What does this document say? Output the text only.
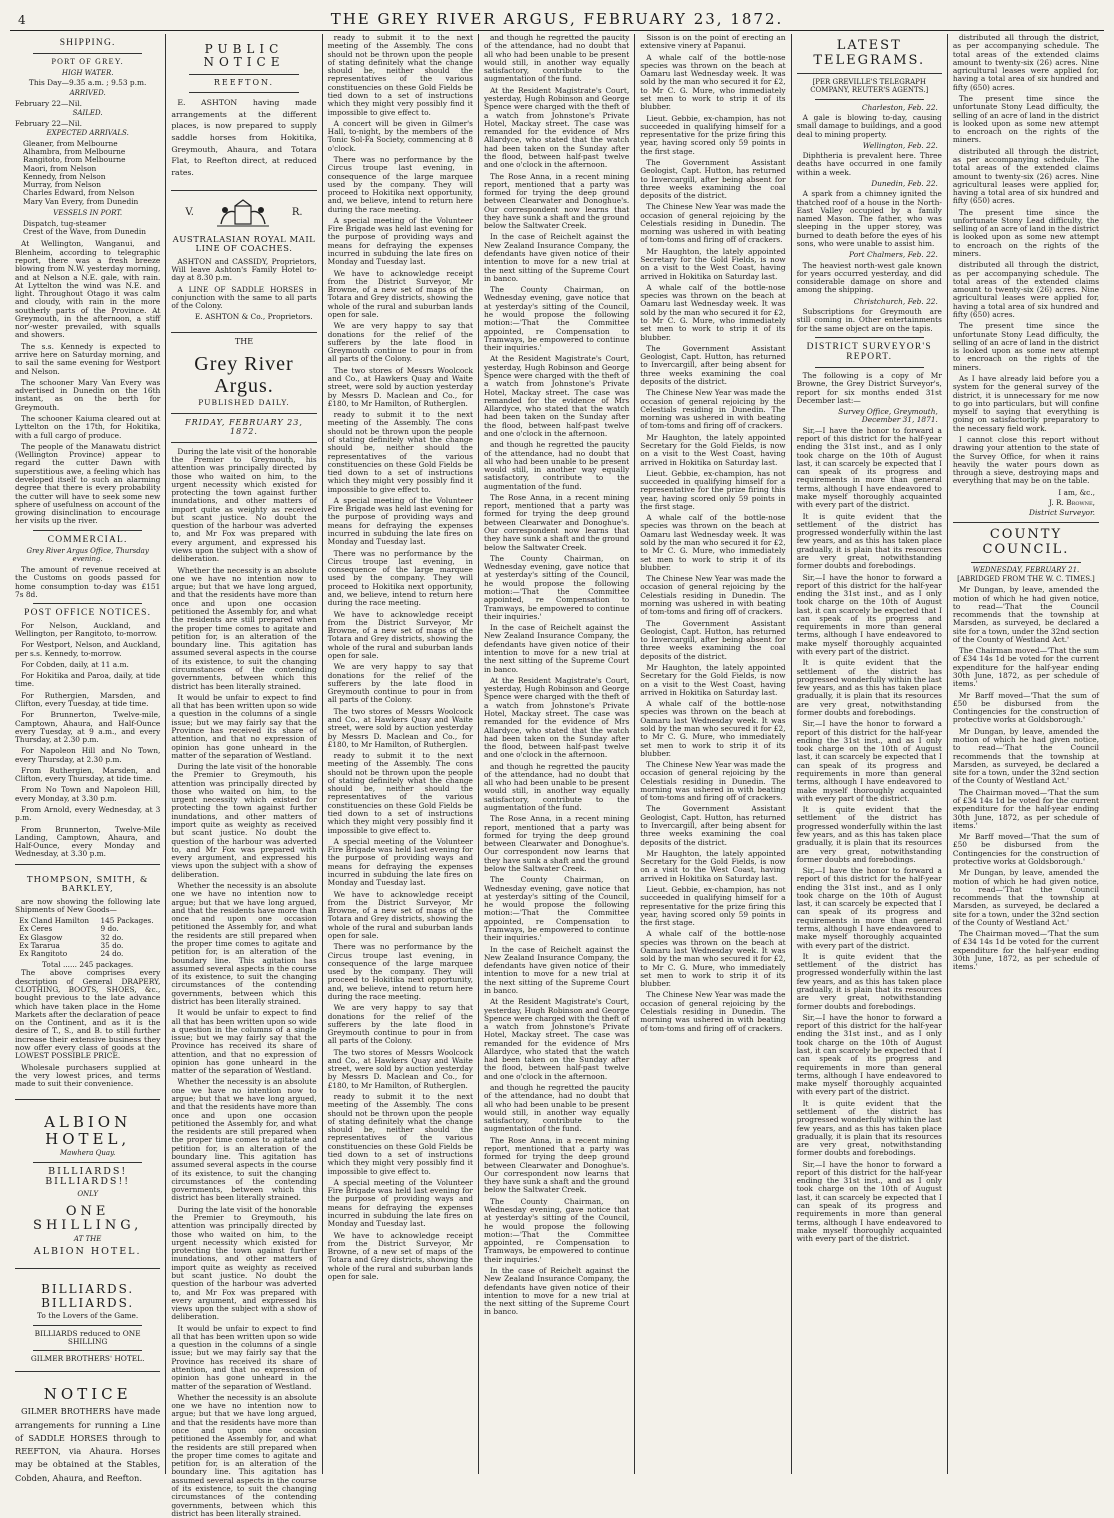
4	THE GREY RIVER ARGUS, FEBRUARY 23, 1872.
SHIPPING.
PORT OF GREY.
HIGH WATER.
This Day—9.35 a.m. ; 9.53 p.m.
ARRIVED.
February 22—Nil.
SAILED.
February 22—Nil.
EXPECTED ARRIVALS.
Gleaner, from Melbourne
Alhambra, from Melbourne
Rangitoto, from Melbourne
Maori, from Nelson
Kennedy, from Nelson
Murray, from Nelson
Charles Edward, from Nelson
Mary Van Every, from Dunedin
VESSELS IN PORT.
Dispatch, tug-steamer
Crest of the Wave, from Dunedin

At Wellington, Wanganui, and Blenheim, according to telegraphic report, there was a fresh breeze blowing from N.W. yesterday morning, and at Nelson a N.E. gale, with rain. At Lyttelton the wind was N.E. and light. Throughout Otago it was calm and cloudy, with rain in the more southerly parts of the Province. At Greymouth, in the afternoon, a stiff nor'-wester prevailed, with squalls and showers.

The s.s. Kennedy is expected to arrive here on Saturday morning, and to sail the same evening for Westport and Nelson.

The schooner Mary Van Every was advertised in Dunedin on the 16th instant, as on the berth for Greymouth.

The schooner Kaiuma cleared out at Lyttelton on the 17th, for Hokitika, with a full cargo of produce.

The people of the Manawatu district (Wellington Province) appear to regard the cutter Dawn with superstitious awe, a feeling which has developed itself to such an alarming degree that there is every probability the cutter will have to seek some new sphere of usefulness on account of the growing disinclination to encourage her visits up the river.

COMMERCIAL.
Grey River Argus Office, Thursday evening.

The amount of revenue received at the Customs on goods passed for home consumption to-day was £151 7s 8d.

POST OFFICE NOTICES.

For Nelson, Auckland, and Wellington, per Rangitoto, to-morrow.

For Westport, Nelson, and Auckland, per s.s. Kennedy, to-morrow.

For Cobden, daily, at 11 a.m.

For Hokitika and Paroa, daily, at tide time.

For Ruthergien, Marsden, and Clifton, every Tuesday, at tide time.

For Brunnerton, Twelve-mile, Camptown, Ahaura, and Half-Ounce every Tuesday, at 9 a.m., and every Thursday, at 2.30 p.m.

For Napoleon Hill and No Town, every Thursday, at 2.30 p.m.

From Ruthergien, Marsden, and Clifton, every Thursday, at tide time.

From No Town and Napoleon Hill, every Monday, at 3.30 p.m.

From Arnold, every Wednesday, at 3 p.m.

From Brunnerton, Twelve-Mile Landing, Camptown, Ahaura, and Half-Ounce, every Monday and Wednesday, at 3.30 p.m.

THOMPSON, SMITH, & BARKLEY,

are now showing the following late Shipments of New Goods—

Ex Cland Hamilton	145 Packages.
Ex Ceres	9 do.
Ex Glasgow	32 do.
Ex Tararua	35 do.
Ex Rangitoto	24 do.
Total ...... 245 packages.

The above comprises every description of General DRAPERY, CLOTHING, BOOTS, SHOES, &c., bought previous to the late advance which have taken place in the Home Markets after the declaration of peace on the Continent, and as it is the desire of T., S., and B. to still further increase their extensive business they now offer every class of goods at the LOWEST POSSIBLE PRICE.

Wholesale purchasers supplied at the very lowest prices, and terms made to suit their convenience.

ALBION HOTEL,
Mawhera Quay.
BILLIARDS! BILLIARDS!!
ONLY
ONE SHILLING,
AT THE
ALBION HOTEL.
BILLIARDS. BILLIARDS.
To the Lovers of the Game.
BILLIARDS reduced to ONE SHILLING
GILMER BROTHERS' HOTEL.
NOTICE

GILMER BROTHERS have made arrangements for running a Line of SADDLE HORSES through to REEFTON, via Ahaura. Horses may be obtained at the Stables, Cobden, Ahaura, and Reefton.

PUBLIC NOTICE
REEFTON.

E. ASHTON having made arrangements at the different places, is now prepared to supply saddle horses from Hokitika, Greymouth, Ahaura, and Totara Flat, to Reefton direct, at reduced rates.

V.	R.
AUSTRALASIAN ROYAL MAIL LINE OF COACHES.

ASHTON and CASSIDY, Proprietors, Will leave Ashton's Family Hotel to-day at 8.30 p.m.

A LINE OF SADDLE HORSES in conjunction with the same to all parts of the Colony.

E. ASHTON & Co., Proprietors.
THE
Grey River Argus.
PUBLISHED DAILY.
FRIDAY, FEBRUARY 23, 1872.

During the late visit of the honorable the Premier to Greymouth, his attention was principally directed by those who waited on him, to the urgent necessity which existed for protecting the town against further inundations, and other matters of import quite as weighty as received but scant justice. No doubt the question of the harbour was adverted to, and Mr Fox was prepared with every argument, and expressed his views upon the subject with a show of deliberation.

Whether the necessity is an absolute one we have no intention now to argue; but that we have long argued, and that the residents have more than once and upon one occasion petitioned the Assembly for, and what the residents are still prepared when the proper time comes to agitate and petition for, is an alteration of the boundary line. This agitation has assumed several aspects in the course of its existence, to suit the changing circumstances of the contending governments, between which this district has been literally strained.

It would be unfair to expect to find all that has been written upon so wide a question in the columns of a single issue; but we may fairly say that the Province has received its share of attention, and that no expression of opinion has gone unheard in the matter of the separation of Westland.

During the late visit of the honorable the Premier to Greymouth, his attention was principally directed by those who waited on him, to the urgent necessity which existed for protecting the town against further inundations, and other matters of import quite as weighty as received but scant justice. No doubt the question of the harbour was adverted to, and Mr Fox was prepared with every argument, and expressed his views upon the subject with a show of deliberation.

Whether the necessity is an absolute one we have no intention now to argue; but that we have long argued, and that the residents have more than once and upon one occasion petitioned the Assembly for, and what the residents are still prepared when the proper time comes to agitate and petition for, is an alteration of the boundary line. This agitation has assumed several aspects in the course of its existence, to suit the changing circumstances of the contending governments, between which this district has been literally strained.

It would be unfair to expect to find all that has been written upon so wide a question in the columns of a single issue; but we may fairly say that the Province has received its share of attention, and that no expression of opinion has gone unheard in the matter of the separation of Westland.

Whether the necessity is an absolute one we have no intention now to argue; but that we have long argued, and that the residents have more than once and upon one occasion petitioned the Assembly for, and what the residents are still prepared when the proper time comes to agitate and petition for, is an alteration of the boundary line. This agitation has assumed several aspects in the course of its existence, to suit the changing circumstances of the contending governments, between which this district has been literally strained.

During the late visit of the honorable the Premier to Greymouth, his attention was principally directed by those who waited on him, to the urgent necessity which existed for protecting the town against further inundations, and other matters of import quite as weighty as received but scant justice. No doubt the question of the harbour was adverted to, and Mr Fox was prepared with every argument, and expressed his views upon the subject with a show of deliberation.

It would be unfair to expect to find all that has been written upon so wide a question in the columns of a single issue; but we may fairly say that the Province has received its share of attention, and that no expression of opinion has gone unheard in the matter of the separation of Westland.

Whether the necessity is an absolute one we have no intention now to argue; but that we have long argued, and that the residents have more than once and upon one occasion petitioned the Assembly for, and what the residents are still prepared when the proper time comes to agitate and petition for, is an alteration of the boundary line. This agitation has assumed several aspects in the course of its existence, to suit the changing circumstances of the contending governments, between which this district has been literally strained.

ready to submit it to the next meeting of the Assembly. The cons should not be thrown upon the people of stating definitely what the change should be, neither should the representatives of the various constituencies on these Gold Fields be tied down to a set of instructions which they might very possibly find it impossible to give effect to.

A concert will be given in Gilmer's Hall, to-night, by the members of the Tonic Sol-Fa Society, commencing at 8 o'clock.

There was no performance by the Circus troupe last evening, in consequence of the large marquee used by the company. They will proceed to Hokitika next opportunity, and, we believe, intend to return here during the race meeting.

A special meeting of the Volunteer Fire Brigade was held last evening for the purpose of providing ways and means for defraying the expenses incurred in subduing the late fires on Monday and Tuesday last.

We have to acknowledge receipt from the District Surveyor, Mr Browne, of a new set of maps of the Totara and Grey districts, showing the whole of the rural and suburban lands open for sale.

We are very happy to say that donations for the relief of the sufferers by the late flood in Greymouth continue to pour in from all parts of the Colony.

The two stores of Messrs Woolcock and Co., at Hawkers Quay and Waite street, were sold by auction yesterday by Messrs D. Maclean and Co., for £180, to Mr Hamilton, of Rutherglen.

ready to submit it to the next meeting of the Assembly. The cons should not be thrown upon the people of stating definitely what the change should be, neither should the representatives of the various constituencies on these Gold Fields be tied down to a set of instructions which they might very possibly find it impossible to give effect to.

A special meeting of the Volunteer Fire Brigade was held last evening for the purpose of providing ways and means for defraying the expenses incurred in subduing the late fires on Monday and Tuesday last.

There was no performance by the Circus troupe last evening, in consequence of the large marquee used by the company. They will proceed to Hokitika next opportunity, and, we believe, intend to return here during the race meeting.

We have to acknowledge receipt from the District Surveyor, Mr Browne, of a new set of maps of the Totara and Grey districts, showing the whole of the rural and suburban lands open for sale.

We are very happy to say that donations for the relief of the sufferers by the late flood in Greymouth continue to pour in from all parts of the Colony.

The two stores of Messrs Woolcock and Co., at Hawkers Quay and Waite street, were sold by auction yesterday by Messrs D. Maclean and Co., for £180, to Mr Hamilton, of Rutherglen.

ready to submit it to the next meeting of the Assembly. The cons should not be thrown upon the people of stating definitely what the change should be, neither should the representatives of the various constituencies on these Gold Fields be tied down to a set of instructions which they might very possibly find it impossible to give effect to.

A special meeting of the Volunteer Fire Brigade was held last evening for the purpose of providing ways and means for defraying the expenses incurred in subduing the late fires on Monday and Tuesday last.

We have to acknowledge receipt from the District Surveyor, Mr Browne, of a new set of maps of the Totara and Grey districts, showing the whole of the rural and suburban lands open for sale.

There was no performance by the Circus troupe last evening, in consequence of the large marquee used by the company. They will proceed to Hokitika next opportunity, and, we believe, intend to return here during the race meeting.

We are very happy to say that donations for the relief of the sufferers by the late flood in Greymouth continue to pour in from all parts of the Colony.

The two stores of Messrs Woolcock and Co., at Hawkers Quay and Waite street, were sold by auction yesterday by Messrs D. Maclean and Co., for £180, to Mr Hamilton, of Rutherglen.

ready to submit it to the next meeting of the Assembly. The cons should not be thrown upon the people of stating definitely what the change should be, neither should the representatives of the various constituencies on these Gold Fields be tied down to a set of instructions which they might very possibly find it impossible to give effect to.

A special meeting of the Volunteer Fire Brigade was held last evening for the purpose of providing ways and means for defraying the expenses incurred in subduing the late fires on Monday and Tuesday last.

We have to acknowledge receipt from the District Surveyor, Mr Browne, of a new set of maps of the Totara and Grey districts, showing the whole of the rural and suburban lands open for sale.

and though he regretted the paucity of the attendance, had no doubt that all who had been unable to be present would still, in another way equally satisfactory, contribute to the augmentation of the fund.

At the Resident Magistrate's Court, yesterday, Hugh Robinson and George Spence were charged with the theft of a watch from Johnstone's Private Hotel, Mackay street. The case was remanded for the evidence of Mrs Allardyce, who stated that the watch had been taken on the Sunday after the flood, between half-past twelve and one o'clock in the afternoon.

The Rose Anna, in a recent mining report, mentioned that a party was formed for trying the deep ground between Clearwater and Donoghue's. Our correspondent now learns that they have sunk a shaft and the ground below the Saltwater Creek.

In the case of Reichelt against the New Zealand Insurance Company, the defendants have given notice of their intention to move for a new trial at the next sitting of the Supreme Court in banco.

The County Chairman, on Wednesday evening, gave notice that at yesterday's sitting of the Council, he would propose the following motion:—'That the Committee appointed, re Compensation to Tramways, be empowered to continue their inquiries.'

At the Resident Magistrate's Court, yesterday, Hugh Robinson and George Spence were charged with the theft of a watch from Johnstone's Private Hotel, Mackay street. The case was remanded for the evidence of Mrs Allardyce, who stated that the watch had been taken on the Sunday after the flood, between half-past twelve and one o'clock in the afternoon.

and though he regretted the paucity of the attendance, had no doubt that all who had been unable to be present would still, in another way equally satisfactory, contribute to the augmentation of the fund.

The Rose Anna, in a recent mining report, mentioned that a party was formed for trying the deep ground between Clearwater and Donoghue's. Our correspondent now learns that they have sunk a shaft and the ground below the Saltwater Creek.

The County Chairman, on Wednesday evening, gave notice that at yesterday's sitting of the Council, he would propose the following motion:—'That the Committee appointed, re Compensation to Tramways, be empowered to continue their inquiries.'

In the case of Reichelt against the New Zealand Insurance Company, the defendants have given notice of their intention to move for a new trial at the next sitting of the Supreme Court in banco.

At the Resident Magistrate's Court, yesterday, Hugh Robinson and George Spence were charged with the theft of a watch from Johnstone's Private Hotel, Mackay street. The case was remanded for the evidence of Mrs Allardyce, who stated that the watch had been taken on the Sunday after the flood, between half-past twelve and one o'clock in the afternoon.

and though he regretted the paucity of the attendance, had no doubt that all who had been unable to be present would still, in another way equally satisfactory, contribute to the augmentation of the fund.

The Rose Anna, in a recent mining report, mentioned that a party was formed for trying the deep ground between Clearwater and Donoghue's. Our correspondent now learns that they have sunk a shaft and the ground below the Saltwater Creek.

The County Chairman, on Wednesday evening, gave notice that at yesterday's sitting of the Council, he would propose the following motion:—'That the Committee appointed, re Compensation to Tramways, be empowered to continue their inquiries.'

In the case of Reichelt against the New Zealand Insurance Company, the defendants have given notice of their intention to move for a new trial at the next sitting of the Supreme Court in banco.

At the Resident Magistrate's Court, yesterday, Hugh Robinson and George Spence were charged with the theft of a watch from Johnstone's Private Hotel, Mackay street. The case was remanded for the evidence of Mrs Allardyce, who stated that the watch had been taken on the Sunday after the flood, between half-past twelve and one o'clock in the afternoon.

and though he regretted the paucity of the attendance, had no doubt that all who had been unable to be present would still, in another way equally satisfactory, contribute to the augmentation of the fund.

The Rose Anna, in a recent mining report, mentioned that a party was formed for trying the deep ground between Clearwater and Donoghue's. Our correspondent now learns that they have sunk a shaft and the ground below the Saltwater Creek.

The County Chairman, on Wednesday evening, gave notice that at yesterday's sitting of the Council, he would propose the following motion:—'That the Committee appointed, re Compensation to Tramways, be empowered to continue their inquiries.'

In the case of Reichelt against the New Zealand Insurance Company, the defendants have given notice of their intention to move for a new trial at the next sitting of the Supreme Court in banco.

Sisson is on the point of erecting an extensive vinery at Papanui.

A whale calf of the bottle-nose species was thrown on the beach at Oamaru last Wednesday week. It was sold by the man who secured it for £2, to Mr C. G. Mure, who immediately set men to work to strip it of its blubber.

Lieut. Gebbie, ex-champion, has not succeeded in qualifying himself for a representative for the prize firing this year, having scored only 59 points in the first stage.

The Government Assistant Geologist, Capt. Hutton, has returned to Invercargill, after being absent for three weeks examining the coal deposits of the district.

The Chinese New Year was made the occasion of general rejoicing by the Celestials residing in Dunedin. The morning was ushered in with beating of tom-toms and firing off of crackers.

Mr Haughton, the lately appointed Secretary for the Gold Fields, is now on a visit to the West Coast, having arrived in Hokitika on Saturday last.

A whale calf of the bottle-nose species was thrown on the beach at Oamaru last Wednesday week. It was sold by the man who secured it for £2, to Mr C. G. Mure, who immediately set men to work to strip it of its blubber.

The Government Assistant Geologist, Capt. Hutton, has returned to Invercargill, after being absent for three weeks examining the coal deposits of the district.

The Chinese New Year was made the occasion of general rejoicing by the Celestials residing in Dunedin. The morning was ushered in with beating of tom-toms and firing off of crackers.

Mr Haughton, the lately appointed Secretary for the Gold Fields, is now on a visit to the West Coast, having arrived in Hokitika on Saturday last.

Lieut. Gebbie, ex-champion, has not succeeded in qualifying himself for a representative for the prize firing this year, having scored only 59 points in the first stage.

A whale calf of the bottle-nose species was thrown on the beach at Oamaru last Wednesday week. It was sold by the man who secured it for £2, to Mr C. G. Mure, who immediately set men to work to strip it of its blubber.

The Chinese New Year was made the occasion of general rejoicing by the Celestials residing in Dunedin. The morning was ushered in with beating of tom-toms and firing off of crackers.

The Government Assistant Geologist, Capt. Hutton, has returned to Invercargill, after being absent for three weeks examining the coal deposits of the district.

Mr Haughton, the lately appointed Secretary for the Gold Fields, is now on a visit to the West Coast, having arrived in Hokitika on Saturday last.

A whale calf of the bottle-nose species was thrown on the beach at Oamaru last Wednesday week. It was sold by the man who secured it for £2, to Mr C. G. Mure, who immediately set men to work to strip it of its blubber.

The Chinese New Year was made the occasion of general rejoicing by the Celestials residing in Dunedin. The morning was ushered in with beating of tom-toms and firing off of crackers.

The Government Assistant Geologist, Capt. Hutton, has returned to Invercargill, after being absent for three weeks examining the coal deposits of the district.

Mr Haughton, the lately appointed Secretary for the Gold Fields, is now on a visit to the West Coast, having arrived in Hokitika on Saturday last.

Lieut. Gebbie, ex-champion, has not succeeded in qualifying himself for a representative for the prize firing this year, having scored only 59 points in the first stage.

A whale calf of the bottle-nose species was thrown on the beach at Oamaru last Wednesday week. It was sold by the man who secured it for £2, to Mr C. G. Mure, who immediately set men to work to strip it of its blubber.

The Chinese New Year was made the occasion of general rejoicing by the Celestials residing in Dunedin. The morning was ushered in with beating of tom-toms and firing off of crackers.

LATEST TELEGRAMS.
[PER GREVILLE'S TELEGRAPH COMPANY, REUTER'S AGENTS.]
Charleston, Feb. 22.

A gale is blowing to-day, causing small damage to buildings, and a good deal to mining property.

Wellington, Feb. 22.

Diphtheria is prevalent here. Three deaths have occurred in one family within a week.

Dunedin, Feb. 22.

A spark from a chimney ignited the thatched roof of a house in the North-East Valley occupied by a family named Mason. The father, who was sleeping in the upper storey, was burned to death before the eyes of his sons, who were unable to assist him.

Port Chalmers, Feb. 22.

The heaviest north-west gale known for years occurred yesterday, and did considerable damage on shore and among the shipping.

Christchurch, Feb. 22.

Subscriptions for Greymouth are still coming in. Other entertainments for the same object are on the tapis.

DISTRICT SURVEYOR'S REPORT.

The following is a copy of Mr Browne, the Grey District Surveyor's, report for six months ended 31st December last:—

Survey Office, Greymouth, December 31, 1871.

Sir,—I have the honor to forward a report of this district for the half-year ending the 31st inst., and as I only took charge on the 10th of August last, it can scarcely be expected that I can speak of its progress and requirements in more than general terms, although I have endeavored to make myself thoroughly acquainted with every part of the district.

It is quite evident that the settlement of the district has progressed wonderfully within the last few years, and as this has taken place gradually, it is plain that its resources are very great, notwithstanding former doubts and forebodings.

Sir,—I have the honor to forward a report of this district for the half-year ending the 31st inst., and as I only took charge on the 10th of August last, it can scarcely be expected that I can speak of its progress and requirements in more than general terms, although I have endeavored to make myself thoroughly acquainted with every part of the district.

It is quite evident that the settlement of the district has progressed wonderfully within the last few years, and as this has taken place gradually, it is plain that its resources are very great, notwithstanding former doubts and forebodings.

Sir,—I have the honor to forward a report of this district for the half-year ending the 31st inst., and as I only took charge on the 10th of August last, it can scarcely be expected that I can speak of its progress and requirements in more than general terms, although I have endeavored to make myself thoroughly acquainted with every part of the district.

It is quite evident that the settlement of the district has progressed wonderfully within the last few years, and as this has taken place gradually, it is plain that its resources are very great, notwithstanding former doubts and forebodings.

Sir,—I have the honor to forward a report of this district for the half-year ending the 31st inst., and as I only took charge on the 10th of August last, it can scarcely be expected that I can speak of its progress and requirements in more than general terms, although I have endeavored to make myself thoroughly acquainted with every part of the district.

It is quite evident that the settlement of the district has progressed wonderfully within the last few years, and as this has taken place gradually, it is plain that its resources are very great, notwithstanding former doubts and forebodings.

Sir,—I have the honor to forward a report of this district for the half-year ending the 31st inst., and as I only took charge on the 10th of August last, it can scarcely be expected that I can speak of its progress and requirements in more than general terms, although I have endeavored to make myself thoroughly acquainted with every part of the district.

It is quite evident that the settlement of the district has progressed wonderfully within the last few years, and as this has taken place gradually, it is plain that its resources are very great, notwithstanding former doubts and forebodings.

Sir,—I have the honor to forward a report of this district for the half-year ending the 31st inst., and as I only took charge on the 10th of August last, it can scarcely be expected that I can speak of its progress and requirements in more than general terms, although I have endeavored to make myself thoroughly acquainted with every part of the district.

distributed all through the district, as per accompanying schedule. The total areas of the extended claims amount to twenty-six (26) acres. Nine agricultural leases were applied for, having a total area of six hundred and fifty (650) acres.

The present time since the unfortunate Stony Lead difficulty, the selling of an acre of land in the district is looked upon as some new attempt to encroach on the rights of the miners.

distributed all through the district, as per accompanying schedule. The total areas of the extended claims amount to twenty-six (26) acres. Nine agricultural leases were applied for, having a total area of six hundred and fifty (650) acres.

The present time since the unfortunate Stony Lead difficulty, the selling of an acre of land in the district is looked upon as some new attempt to encroach on the rights of the miners.

distributed all through the district, as per accompanying schedule. The total areas of the extended claims amount to twenty-six (26) acres. Nine agricultural leases were applied for, having a total area of six hundred and fifty (650) acres.

The present time since the unfortunate Stony Lead difficulty, the selling of an acre of land in the district is looked upon as some new attempt to encroach on the rights of the miners.

As I have already laid before you a system for the general survey of the district, it is unnecessary for me now to go into particulars, but will confine myself to saying that everything is going on satisfactorily preparatory to the necessary field work.

I cannot close this report without drawing your attention to the state of the Survey Office, for when it rains heavily the water pours down as through a sieve, destroying maps and everything that may be on the table.

I am, &c.,
J. R. Browne,
District Surveyor.
COUNTY COUNCIL.
WEDNESDAY, FEBRUARY 21.
[ABRIDGED FROM THE W. C. TIMES.]

Mr Dungan, by leave, amended the motion of which he had given notice, to read—'That the Council recommends that the township at Marsden, as surveyed, be declared a site for a town, under the 32nd section of the County of Westland Act.'

The Chairman moved—'That the sum of £34 14s 1d be voted for the current expenditure for the half-year ending 30th June, 1872, as per schedule of items.'

Mr Barff moved—'That the sum of £50 be disbursed from the Contingencies for the construction of protective works at Goldsborough.'

Mr Dungan, by leave, amended the motion of which he had given notice, to read—'That the Council recommends that the township at Marsden, as surveyed, be declared a site for a town, under the 32nd section of the County of Westland Act.'

The Chairman moved—'That the sum of £34 14s 1d be voted for the current expenditure for the half-year ending 30th June, 1872, as per schedule of items.'

Mr Barff moved—'That the sum of £50 be disbursed from the Contingencies for the construction of protective works at Goldsborough.'

Mr Dungan, by leave, amended the motion of which he had given notice, to read—'That the Council recommends that the township at Marsden, as surveyed, be declared a site for a town, under the 32nd section of the County of Westland Act.'

The Chairman moved—'That the sum of £34 14s 1d be voted for the current expenditure for the half-year ending 30th June, 1872, as per schedule of items.'
